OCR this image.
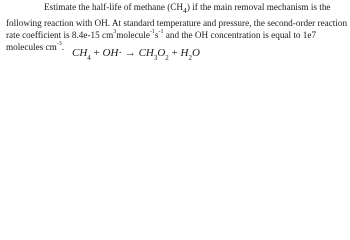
Estimate the half-life of methane $(CH_4)$ if the main removal mechanism is the following reaction with OH. At standard temperature and pressure, the second-order reaction rate coefficient is 8.4e-15 $cm^3molecule^{-1}s^{-1}$ and the OH concentration is equal to 1e7 molecules $cm^{-3}$.

$CH_4 + OH\cdot \to CH_3O_2 + H_2O$
